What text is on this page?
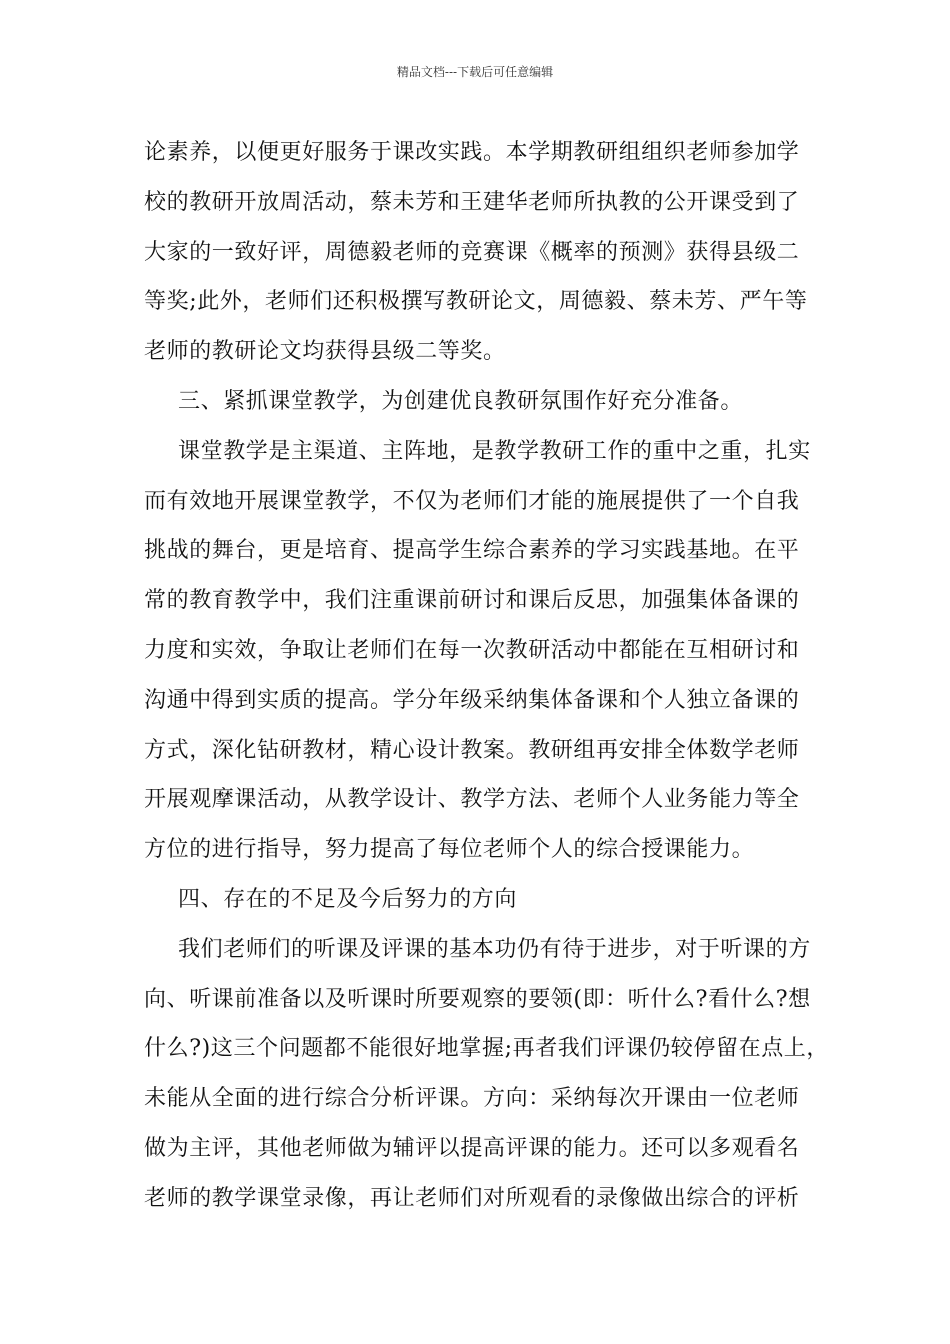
精品文档---下载后可任意编辑
论素养，以便更好服务于课改实践。本学期教研组组织老师参加学
校的教研开放周活动，蔡未芳和王建华老师所执教的公开课受到了
大家的一致好评，周德毅老师的竞赛课《概率的预测》获得县级二
等奖;此外，老师们还积极撰写教研论文，周德毅、蔡未芳、严午等
老师的教研论文均获得县级二等奖。
三、紧抓课堂教学，为创建优良教研氛围作好充分准备。
课堂教学是主渠道、主阵地，是教学教研工作的重中之重，扎实
而有效地开展课堂教学，不仅为老师们才能的施展提供了一个自我
挑战的舞台，更是培育、提高学生综合素养的学习实践基地。在平
常的教育教学中，我们注重课前研讨和课后反思，加强集体备课的
力度和实效，争取让老师们在每一次教研活动中都能在互相研讨和
沟通中得到实质的提高。学分年级采纳集体备课和个人独立备课的
方式，深化钻研教材，精心设计教案。教研组再安排全体数学老师
开展观摩课活动，从教学设计、教学方法、老师个人业务能力等全
方位的进行指导，努力提高了每位老师个人的综合授课能力。
四、存在的不足及今后努力的方向
我们老师们的听课及评课的基本功仍有待于进步，对于听课的方
向、听课前准备以及听课时所要观察的要领(即：听什么?看什么?想
什么?)这三个问题都不能很好地掌握;再者我们评课仍较停留在点上，
未能从全面的进行综合分析评课。方向：采纳每次开课由一位老师
做为主评，其他老师做为辅评以提高评课的能力。还可以多观看名
老师的教学课堂录像，再让老师们对所观看的录像做出综合的评析
